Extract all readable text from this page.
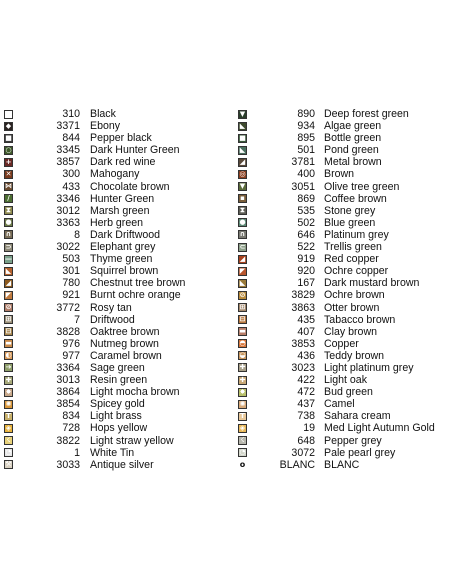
310 Black
◆	3371 Ebony
■	844 Pepper black
○	3345 Dark Hunter Green
+	3857 Dark red wine
✕	300 Mahogany
⋈	433 Chocolate brown
/	3346 Hunter Green
⧗	3012 Marsh green
●	3363 Herb green
∩	8 Dark Driftwood
⊃	3022 Elephant grey
—	503 Thyme green
◣	301 Squirrel brown
◢	780 Chestnut tree brown
◤	921 Burnt ochre orange
⊘	3772 Rosy tan
⊞	7 Driftwood
⊟	3828 Oaktree brown
▬	976 Nutmeg brown
◐	977 Caramel brown
➔	3364 Sage green
✚	3013 Resin green
✸	3864 Light mocha brown
✺	3854 Spicey gold
T	834 Light brass
◈	728 Hops yellow
☇	3822 Light straw yellow
◔	1 White Tin
⚒	3033 Antique silver
▼	890 Deep forest green
◣	934 Algae green
■	895 Bottle green
◣	501 Pond green
◢	3781 Metal brown
◎	400 Brown
▼	3051 Olive tree green
▪	869 Coffee brown
⧗	535 Stone grey
●	502 Blue green
∩	646 Platinum grey
⊂	522 Trellis green
◢	919 Red copper
◤	920 Ochre copper
◣	167 Dark mustard brown
⊘	3829 Ochre brown
⊞	3863 Otter brown
⊟	435 Tabacco brown
▬	407 Clay brown
◓	3853 Copper
◒	436 Teddy brown
✚	3023 Light platinum grey
✚	422 Light oak
✸	472 Bud green
✺	437 Camel
T	738 Sahara cream
◈	19 Med Light Autumn Gold
☇	648 Pepper grey
◔	3072 Pale pearl grey
o	BLANC BLANC
